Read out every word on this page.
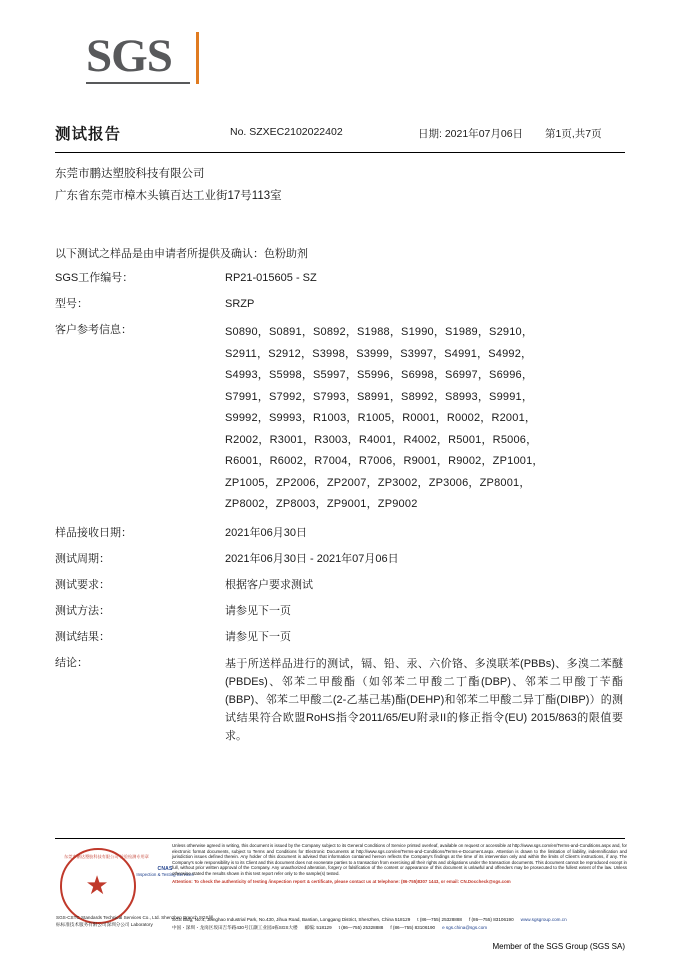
SGS
测试报告	No. SZXEC2102022402	日期: 2021年07月06日 第1页,共7页
东莞市鹏达塑胶科技有限公司
广东省东莞市樟木头镇百达工业街17号113室
以下测试之样品是由申请者所提供及确认：色粉助剂
SGS工作编号：	RP21-015605 - SZ
型号：	SRZP
客户参考信息：	S0890，S0891，S0892，S1988，S1990，S1989，S2910，
S2911，S2912，S3998，S3999，S3997，S4991，S4992，
S4993，S5998，S5997，S5996，S6998，S6997，S6996，
S7991，S7992，S7993，S8991，S8992，S8993，S9991，
S9992，S9993，R1003，R1005，R0001，R0002，R2001，
R2002，R3001，R3003，R4001，R4002，R5001，R5006，
R6001，R6002，R7004，R7006，R9001，R9002，ZP1001，
ZP1005，ZP2006，ZP2007，ZP3002，ZP3006，ZP8001，
ZP8002，ZP8003，ZP9001，ZP9002
样品接收日期：	2021年06月30日
测试周期：	2021年06月30日 - 2021年07月06日
测试要求：	根据客户要求测试
测试方法：	请参见下一页
测试结果：	请参见下一页
结论：	基于所送样品进行的测试，镉、铅、汞、六价铬、多溴联苯(PBBs)、多溴二苯醚(PBDEs)、邻苯二甲酸酯（如邻苯二甲酸二丁酯(DBP)、邻苯二甲酸丁苄酯(BBP)、邻苯二甲酸二(2-乙基己基)酯(DEHP)和邻苯二甲酸二异丁酯(DIBP)）的测试结果符合欧盟RoHS指令2011/65/EU附录II的修正指令(EU) 2015/863的限值要求。
东莞市鹏达塑胶科技有限公司 检验检测专用章
★
CNAS
Inspection & Testing Services
SGS-CSTC Standards Technical Services Co., Ltd. Shenzhen Branch SGS通标标准技术服务有限公司深圳分公司 Laboratory
Unless otherwise agreed in writing, this document is issued by the Company subject to its General Conditions of Service printed overleaf, available on request or accessible at http://www.sgs.com/en/Terms-and-Conditions.aspx and, for electronic format documents, subject to Terms and Conditions for Electronic Documents at http://www.sgs.com/en/Terms-and-Conditions/Terms-e-Document.aspx. Attention is drawn to the limitation of liability, indemnification and jurisdiction issues defined therein. Any holder of this document is advised that information contained hereon reflects the Company's findings at the time of its intervention only and within the limits of Client's instructions, if any. The Company's sole responsibility is to its Client and this document does not exonerate parties to a transaction from exercising all their rights and obligations under the transaction documents. This document cannot be reproduced except in full, without prior written approval of the Company. Any unauthorized alteration, forgery or falsification of the content or appearance of this document is unlawful and offenders may be prosecuted to the fullest extent of the law. Unless otherwise stated the results shown in this test report refer only to the sample(s) tested.
Attention: To check the authenticity of testing /inspection report & certificate, please contact us at telephone: (86-755)8307 1443, or email: CN.Doccheck@sgs.com
SGS Bldg, No.4, Jianghao Industrial Park, No.430, Jihua Road, Bantian, Longgang District, Shenzhen, China 518129 t (86—755) 25328888 f (86—755) 83106190 www.sgsgroup.com.cn
中国・深圳・龙岗区坂田吉华路430号江灏工业园4栋SGS大楼 邮编: 518129 t (86—755) 25328888 f (86—755) 83106190 e sgs.china@sgs.com
Member of the SGS Group (SGS SA)
